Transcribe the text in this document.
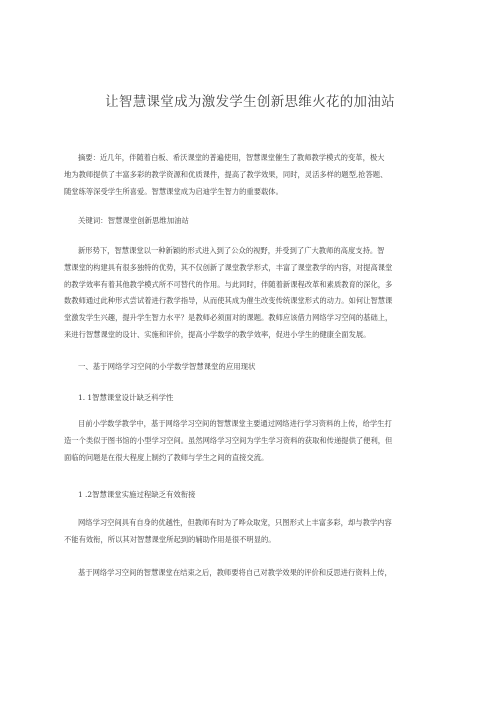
让智慧课堂成为激发学生创新思维火花的加油站
摘要：近几年，伴随着白板、希沃课堂的普遍使用，智慧课堂催生了教师教学模式的变革，极大
地为教师提供了丰富多彩的教学资源和优质课件，提高了教学效果，同时，灵活多样的题型,抢答题、
随堂练等深受学生所喜爱。智慧课堂成为启迪学生智力的重要载体。
关键词：智慧课堂创新思维加油站
新形势下，智慧课堂以一种新颖的形式进入到了公众的视野，并受到了广大教师的高度支持。智
慧课堂的构建具有很多独特的优势，其不仅创新了课堂教学形式，丰富了课堂教学的内容，对提高课堂
的教学效率有着其他教学模式所不可替代的作用。与此同时，伴随着新课程改革和素质教育的深化，多
数教师通过此种形式尝试着进行教学指导，从而使其成为催生改变传统课堂形式的动力。如何让智慧课
堂激发学生兴趣，提升学生智力水平？是教师必须面对的课题。教师应该借力网络学习空间的基础上，
来进行智慧课堂的设计、实施和评价，提高小学数学的教学效率，促进小学生的健康全面发展。
一、基于网络学习空间的小学数学智慧课堂的应用现状
1. 1智慧课堂设计缺乏科学性
目前小学数学教学中，基于网络学习空间的智慧课堂主要通过网络进行学习资料的上传，给学生打
造一个类似于图书馆的小型学习空间。虽然网络学习空间为学生学习资料的获取和传递提供了便利，但
面临的问题是在很大程度上制约了教师与学生之间的直接交流。
1 .2智慧课堂实施过程缺乏有效衔接
网络学习空间具有自身的优越性，但教师有时为了哗众取宠，只图形式上丰富多彩，却与教学内容
不能有效衔，所以其对智慧课堂所起到的辅助作用是很不明显的。
基于网络学习空间的智慧课堂在结束之后，教师要将自己对教学效果的评价和反思进行资料上传，
